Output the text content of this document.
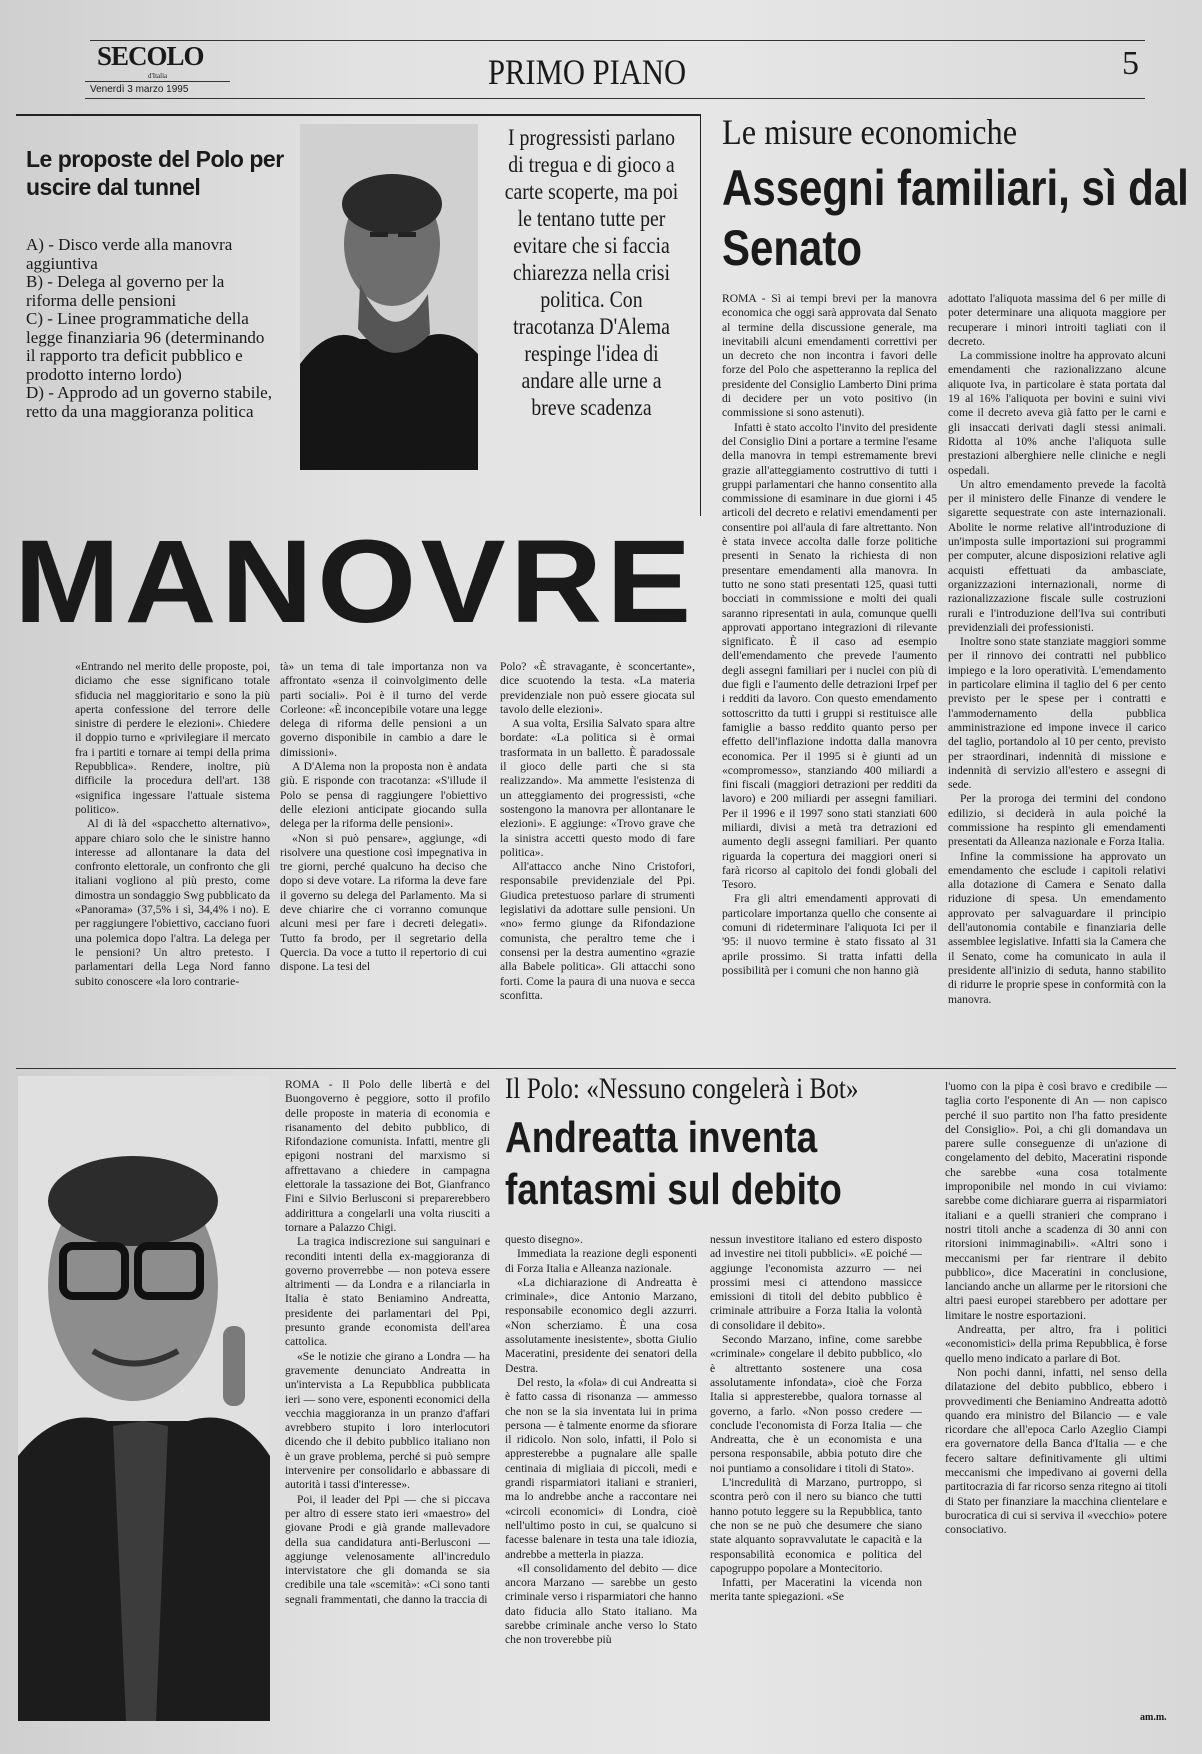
SECOLO
d'Italia
Venerdì 3 marzo 1995	PRIMO PIANO	5
Le proposte del Polo per uscire dal tunnel
A) - Disco verde alla manovra aggiuntiva
B) - Delega al governo per la riforma delle pensioni
C) - Linee programmatiche della legge finanziaria 96 (determinando il rapporto tra deficit pubblico e prodotto interno lordo)
D) - Approdo ad un governo stabile, retto da una maggioranza politica
I progressisti parlano di tregua e di gioco a carte scoperte, ma poi le tentano tutte per evitare che si faccia chiarezza nella crisi politica. Con tracotanza D'Alema respinge l'idea di andare alle urne a breve scadenza
MANOVRE

«Entrando nel merito delle proposte, poi, diciamo che esse significano totale sfiducia nel maggioritario e sono la più aperta confessione del terrore delle sinistre di perdere le elezioni». Chiedere il doppio turno e «privilegiare il mercato fra i partiti e tornare ai tempi della prima Repubblica». Rendere, inoltre, più difficile la procedura dell'art. 138 «significa ingessare l'attuale sistema politico».

Al di là del «spacchetto alternativo», appare chiaro solo che le sinistre hanno interesse ad allontanare la data del confronto elettorale, un confronto che gli italiani vogliono al più presto, come dimostra un sondaggio Swg pubblicato da «Panorama» (37,5% i sì, 34,4% i no). E per raggiungere l'obiettivo, cacciano fuori una polemica dopo l'altra. La delega per le pensioni? Un altro pretesto. I parlamentari della Lega Nord fanno subito conoscere «la loro contrarie-

tà» un tema di tale importanza non va affrontato «senza il coinvolgimento delle parti sociali». Poi è il turno del verde Corleone: «È inconcepibile votare una legge delega di riforma delle pensioni a un governo disponibile in cambio a dare le dimissioni».

A D'Alema non la proposta non è andata giù. E risponde con tracotanza: «S'illude il Polo se pensa di raggiungere l'obiettivo delle elezioni anticipate giocando sulla delega per la riforma delle pensioni».

«Non si può pensare», aggiunge, «di risolvere una questione così impegnativa in tre giorni, perché qualcuno ha deciso che dopo si deve votare. La riforma la deve fare il governo su delega del Parlamento. Ma si deve chiarire che ci vorranno comunque alcuni mesi per fare i decreti delegati». Tutto fa brodo, per il segretario della Quercia. Da voce a tutto il repertorio di cui dispone. La tesi del

Polo? «È stravagante, è sconcertante», dice scuotendo la testa. «La materia previdenziale non può essere giocata sul tavolo delle elezioni».

A sua volta, Ersilia Salvato spara altre bordate: «La politica si è ormai trasformata in un balletto. È paradossale il gioco delle parti che si sta realizzando». Ma ammette l'esistenza di un atteggiamento dei progressisti, «che sostengono la manovra per allontanare le elezioni». E aggiunge: «Trovo grave che la sinistra accetti questo modo di fare politica».

All'attacco anche Nino Cristofori, responsabile previdenziale del Ppi. Giudica pretestuoso parlare di strumenti legislativi da adottare sulle pensioni. Un «no» fermo giunge da Rifondazione comunista, che peraltro teme che i consensi per la destra aumentino «grazie alla Babele politica». Gli attacchi sono forti. Come la paura di una nuova e secca sconfitta.

Le misure economiche
Assegni familiari, sì dal Senato

ROMA - Sì ai tempi brevi per la manovra economica che oggi sarà approvata dal Senato al termine della discussione generale, ma inevitabili alcuni emendamenti correttivi per un decreto che non incontra i favori delle forze del Polo che aspetteranno la replica del presidente del Consiglio Lamberto Dini prima di decidere per un voto positivo (in commissione si sono astenuti).

Infatti è stato accolto l'invito del presidente del Consiglio Dini a portare a termine l'esame della manovra in tempi estremamente brevi grazie all'atteggiamento costruttivo di tutti i gruppi parlamentari che hanno consentito alla commissione di esaminare in due giorni i 45 articoli del decreto e relativi emendamenti per consentire poi all'aula di fare altrettanto. Non è stata invece accolta dalle forze politiche presenti in Senato la richiesta di non presentare emendamenti alla manovra. In tutto ne sono stati presentati 125, quasi tutti bocciati in commissione e molti dei quali saranno ripresentati in aula, comunque quelli approvati apportano integrazioni di rilevante significato. È il caso ad esempio dell'emendamento che prevede l'aumento degli assegni familiari per i nuclei con più di due figli e l'aumento delle detrazioni Irpef per i redditi da lavoro. Con questo emendamento sottoscritto da tutti i gruppi si restituisce alle famiglie a basso reddito quanto perso per effetto dell'inflazione indotta dalla manovra economica. Per il 1995 si è giunti ad un «compromesso», stanziando 400 miliardi a fini fiscali (maggiori detrazioni per redditi da lavoro) e 200 miliardi per assegni familiari. Per il 1996 e il 1997 sono stati stanziati 600 miliardi, divisi a metà tra detrazioni ed aumento degli assegni familiari. Per quanto riguarda la copertura dei maggiori oneri si farà ricorso al capitolo dei fondi globali del Tesoro.

Fra gli altri emendamenti approvati di particolare importanza quello che consente ai comuni di rideterminare l'aliquota Ici per il '95: il nuovo termine è stato fissato al 31 aprile prossimo. Si tratta infatti della possibilità per i comuni che non hanno già

adottato l'aliquota massima del 6 per mille di poter determinare una aliquota maggiore per recuperare i minori introiti tagliati con il decreto.

La commissione inoltre ha approvato alcuni emendamenti che razionalizzano alcune aliquote Iva, in particolare è stata portata dal 19 al 16% l'aliquota per bovini e suini vivi come il decreto aveva già fatto per le carni e gli insaccati derivati dagli stessi animali. Ridotta al 10% anche l'aliquota sulle prestazioni alberghiere nelle cliniche e negli ospedali.

Un altro emendamento prevede la facoltà per il ministero delle Finanze di vendere le sigarette sequestrate con aste internazionali. Abolite le norme relative all'introduzione di un'imposta sulle importazioni sui programmi per computer, alcune disposizioni relative agli acquisti effettuati da ambasciate, organizzazioni internazionali, norme di razionalizzazione fiscale sulle costruzioni rurali e l'introduzione dell'Iva sui contributi previdenziali dei professionisti.

Inoltre sono state stanziate maggiori somme per il rinnovo dei contratti nel pubblico impiego e la loro operatività. L'emendamento in particolare elimina il taglio del 6 per cento previsto per le spese per i contratti e l'ammodernamento della pubblica amministrazione ed impone invece il carico del taglio, portandolo al 10 per cento, previsto per straordinari, indennità di missione e indennità di servizio all'estero e assegni di sede.

Per la proroga dei termini del condono edilizio, si deciderà in aula poiché la commissione ha respinto gli emendamenti presentati da Alleanza nazionale e Forza Italia.

Infine la commissione ha approvato un emendamento che esclude i capitoli relativi alla dotazione di Camera e Senato dalla riduzione di spesa. Un emendamento approvato per salvaguardare il principio dell'autonomia contabile e finanziaria delle assemblee legislative. Infatti sia la Camera che il Senato, come ha comunicato in aula il presidente all'inizio di seduta, hanno stabilito di ridurre le proprie spese in conformità con la manovra.

ROMA - Il Polo delle libertà e del Buongoverno è peggiore, sotto il profilo delle proposte in materia di economia e risanamento del debito pubblico, di Rifondazione comunista. Infatti, mentre gli epigoni nostrani del marxismo si affrettavano a chiedere in campagna elettorale la tassazione dei Bot, Gianfranco Fini e Silvio Berlusconi si preparerebbero addirittura a congelarli una volta riusciti a tornare a Palazzo Chigi.

La tragica indiscrezione sui sanguinari e reconditi intenti della ex-maggioranza di governo proverrebbe — non poteva essere altrimenti — da Londra e a rilanciarla in Italia è stato Beniamino Andreatta, presidente dei parlamentari del Ppi, presunto grande economista dell'area cattolica.

«Se le notizie che girano a Londra — ha gravemente denunciato Andreatta in un'intervista a La Repubblica pubblicata ieri — sono vere, esponenti economici della vecchia maggioranza in un pranzo d'affari avrebbero stupito i loro interlocutori dicendo che il debito pubblico italiano non è un grave problema, perché si può sempre intervenire per consolidarlo e abbassare di autorità i tassi d'interesse».

Poi, il leader del Ppi — che si piccava per altro di essere stato ieri «maestro» del giovane Prodi e già grande mallevadore della sua candidatura anti-Berlusconi — aggiunge velenosamente all'incredulo intervistatore che gli domanda se sia credibile una tale «scemità»: «Ci sono tanti segnali frammentati, che danno la traccia di

Il Polo: «Nessuno congelerà i Bot»
Andreatta inventa fantasmi sul debito

questo disegno».

Immediata la reazione degli esponenti di Forza Italia e Alleanza nazionale.

«La dichiarazione di Andreatta è criminale», dice Antonio Marzano, responsabile economico degli azzurri. «Non scherziamo. È una cosa assolutamente inesistente», sbotta Giulio Maceratini, presidente dei senatori della Destra.

Del resto, la «fola» di cui Andreatta si è fatto cassa di risonanza — ammesso che non se la sia inventata lui in prima persona — è talmente enorme da sfiorare il ridicolo. Non solo, infatti, il Polo si appresterebbe a pugnalare alle spalle centinaia di migliaia di piccoli, medi e grandi risparmiatori italiani e stranieri, ma lo andrebbe anche a raccontare nei «circoli economici» di Londra, cioè nell'ultimo posto in cui, se qualcuno si facesse balenare in testa una tale idiozia, andrebbe a metterla in piazza.

«Il consolidamento del debito — dice ancora Marzano — sarebbe un gesto criminale verso i risparmiatori che hanno dato fiducia allo Stato italiano. Ma sarebbe criminale anche verso lo Stato che non troverebbe più

nessun investitore italiano ed estero disposto ad investire nei titoli pubblici». «E poiché — aggiunge l'economista azzurro — nei prossimi mesi ci attendono massicce emissioni di titoli del debito pubblico è criminale attribuire a Forza Italia la volontà di consolidare il debito».

Secondo Marzano, infine, come sarebbe «criminale» congelare il debito pubblico, «lo è altrettanto sostenere una cosa assolutamente infondata», cioè che Forza Italia si appresterebbe, qualora tornasse al governo, a farlo. «Non posso credere — conclude l'economista di Forza Italia — che Andreatta, che è un economista e una persona responsabile, abbia potuto dire che noi puntiamo a consolidare i titoli di Stato».

L'incredulità di Marzano, purtroppo, si scontra però con il nero su bianco che tutti hanno potuto leggere su la Repubblica, tanto che non se ne può che desumere che siano state alquanto sopravvalutate le capacità e la responsabilità economica e politica del capogruppo popolare a Montecitorio.

Infatti, per Maceratini la vicenda non merita tante spiegazioni. «Se

l'uomo con la pipa è così bravo e credibile — taglia corto l'esponente di An — non capisco perché il suo partito non l'ha fatto presidente del Consiglio». Poi, a chi gli domandava un parere sulle conseguenze di un'azione di congelamento del debito, Maceratini risponde che sarebbe «una cosa totalmente improponibile nel mondo in cui viviamo: sarebbe come dichiarare guerra ai risparmiatori italiani e a quelli stranieri che comprano i nostri titoli anche a scadenza di 30 anni con ritorsioni inimmaginabili». «Altri sono i meccanismi per far rientrare il debito pubblico», dice Maceratini in conclusione, lanciando anche un allarme per le ritorsioni che altri paesi europei starebbero per adottare per limitare le nostre esportazioni.

Andreatta, per altro, fra i politici «economistici» della prima Repubblica, è forse quello meno indicato a parlare di Bot.

Non pochi danni, infatti, nel senso della dilatazione del debito pubblico, ebbero i provvedimenti che Beniamino Andreatta adottò quando era ministro del Bilancio — e vale ricordare che all'epoca Carlo Azeglio Ciampi era governatore della Banca d'Italia — e che fecero saltare definitivamente gli ultimi meccanismi che impedivano ai governi della partitocrazia di far ricorso senza ritegno ai titoli di Stato per finanziare la macchina clientelare e burocratica di cui si serviva il «vecchio» potere consociativo.

am.m.
